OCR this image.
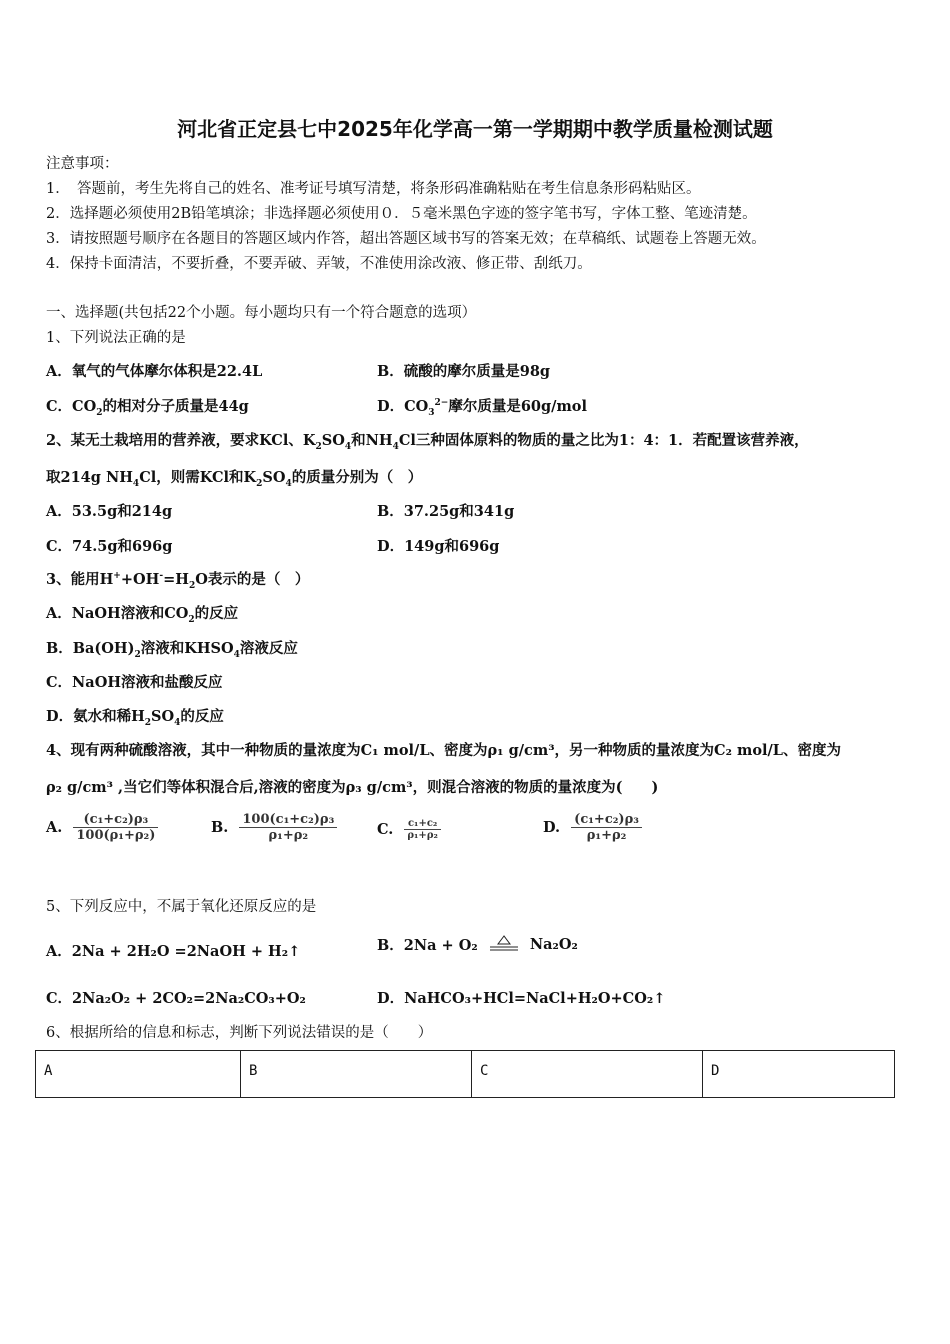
河北省正定县七中2025年化学高一第一学期期中教学质量检测试题
注意事项：
1．　答题前，考生先将自己的姓名、准考证号填写清楚，将条形码准确粘贴在考生信息条形码粘贴区。
2．选择题必须使用2B铅笔填涂；非选择题必须使用０．５毫米黑色字迹的签字笔书写，字体工整、笔迹清楚。
3．请按照题号顺序在各题目的答题区域内作答，超出答题区域书写的答案无效；在草稿纸、试题卷上答题无效。
4．保持卡面清洁，不要折叠，不要弄破、弄皱，不准使用涂改液、修正带、刮纸刀。
一、选择题(共包括22个小题。每小题均只有一个符合题意的选项）
1、下列说法正确的是
A．氧气的气体摩尔体积是22.4L	B．硫酸的摩尔质量是98g
C．$CO_2$的相对分子质量是44g	D．$CO_3^{2-}$摩尔质量是60g/mol
2、某无土栽培用的营养液，要求KCl、$K_2SO_4$和$NH_4Cl$三种固体原料的物质的量之比为1：4：1．若配置该营养液，
取214g $NH_4Cl$，则需KCl和$K_2SO_4$的质量分别为（　）
A．53.5g和214g	B．37.25g和341g
C．74.5g和696g	D．149g和696g
3、能用$H^++OH^-=H_2O$表示的是（　）
A．NaOH溶液和$CO_2$的反应
B．$Ba(OH)_2$溶液和$KHSO_4$溶液反应
C．NaOH溶液和盐酸反应
D．氨水和稀$H_2SO_4$的反应
4、现有两种硫酸溶液，其中一种物质的量浓度为C₁ mol/L、密度为ρ₁ g/cm³，另一种物质的量浓度为C₂ mol/L、密度为
ρ₂ g/cm³ ,当它们等体积混合后,溶液的密度为ρ₃ g/cm³，则混合溶液的物质的量浓度为(　　)
A. $\frac{\text{(c₁+c₂)ρ₃}}{\text{100(ρ₁+ρ₂)}}$	B. $\frac{\text{100(c₁+c₂)ρ₃}}{\text{ρ₁+ρ₂}}$	C. $\frac{\text{c₁+c₂}}{\text{ρ₁+ρ₂}}$	D. $\frac{\text{(c₁+c₂)ρ₃}}{\text{ρ₁+ρ₂}}$
5、下列反应中，不属于氧化还原反应的是
A．2Na + 2H₂O =2NaOH + H₂↑	B．2Na + O₂	Na₂O₂
C．2Na₂O₂ + 2CO₂=2Na₂CO₃+O₂	D．NaHCO₃+HCl=NaCl+H₂O+CO₂↑
6、根据所给的信息和标志，判断下列说法错误的是（　　）
A	B	C	D
